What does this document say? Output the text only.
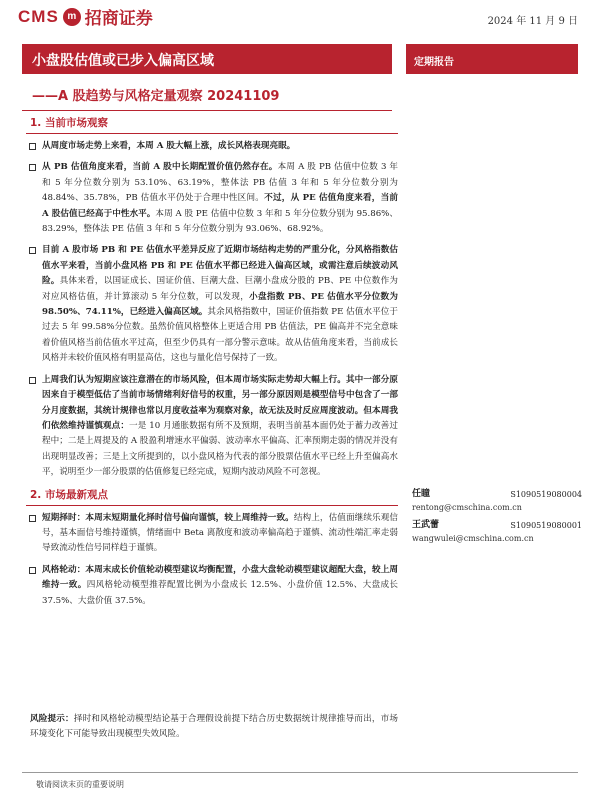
CMS m 招商证券	2024 年 11 月 9 日
小盘股估值或已步入偏高区域	定期报告
——A 股趋势与风格定量观察 20241109
1. 当前市场观察
从周度市场走势上来看，本周 A 股大幅上涨，成长风格表现亮眼。
从 PB 估值角度来看，当前 A 股中长期配置价值仍然存在。本周 A 股 PB 估值中位数 3 年和 5 年分位数分别为 53.10%、63.19%，整体法 PB 估值 3 年和 5 年分位数分别为 48.84%、35.78%，PB 估值水平仍处于合理中性区间。不过，从 PE 估值角度来看，当前 A 股估值已经高于中性水平。本周 A 股 PE 估值中位数 3 年和 5 年分位数分别为 95.86%、83.29%，整体法 PE 估值 3 年和 5 年分位数分别为 93.06%、68.92%。
目前 A 股市场 PB 和 PE 估值水平差异反应了近期市场结构走势的严重分化，分风格指数估值水平来看，当前小盘风格 PB 和 PE 估值水平都已经进入偏高区域，或需注意后续波动风险。具体来看，以国证成长、国证价值、巨潮大盘、巨潮小盘成分股的 PB、PE 中位数作为对应风格估值，并计算滚动 5 年分位数，可以发现，小盘指数 PB、PE 估值水平分位数为 98.50%、74.11%，已经进入偏高区域。其余风格指数中，国证价值指数 PE 估值水平位于过去 5 年 99.58%分位数。虽然价值风格整体上更适合用 PB 估值法，PE 偏高并不完全意味着价值风格当前估值水平过高，但至少仍具有一部分警示意味。故从估值角度来看，当前成长风格并未较价值风格有明显高估，这也与量化信号保持了一致。
上周我们认为短期应该注意潜在的市场风险，但本周市场实际走势却大幅上行。其中一部分原因来自于模型低估了当前市场情绪利好信号的权重，另一部分原因则是模型信号中包含了一部分月度数据，其统计规律也常以月度收益率为观察对象，故无法及时反应周度波动。但本周我们依然维持谨慎观点：一是 10 月通胀数据有所不及预期，表明当前基本面仍处于蓄力改善过程中；二是上周提及的 A 股盈利增速水平偏弱、波动率水平偏高、汇率预期走弱的情况并没有出现明显改善；三是上文所提到的，以小盘风格为代表的部分股票估值水平已经上升至偏高水平，说明至少一部分股票的估值修复已经完成，短期内波动风险不可忽视。
2. 市场最新观点
短期择时：本周末短期量化择时信号偏向谨慎，较上周维持一致。结构上，估值面继续乐观信号，基本面信号维持谨慎，情绪面中 Beta 离散度和波动率偏高趋于谨慎、流动性端汇率走弱导致流动性信号同样趋于谨慎。
风格轮动：本周末成长价值轮动模型建议均衡配置，小盘大盘轮动模型建议超配大盘，较上周维持一致。四风格轮动模型推荐配置比例为小盘成长 12.5%、小盘价值 12.5%、大盘成长 37.5%、大盘价值 37.5%。
风险提示：择时和风格轮动模型结论基于合理假设前提下结合历史数据统计规律推导而出，市场环境变化下可能导致出现模型失效风险。
任瞳	S1090519080004
rentong@cmschina.com.cn
王武蕾	S1090519080001
wangwulei@cmschina.com.cn
敬请阅读末页的重要说明
